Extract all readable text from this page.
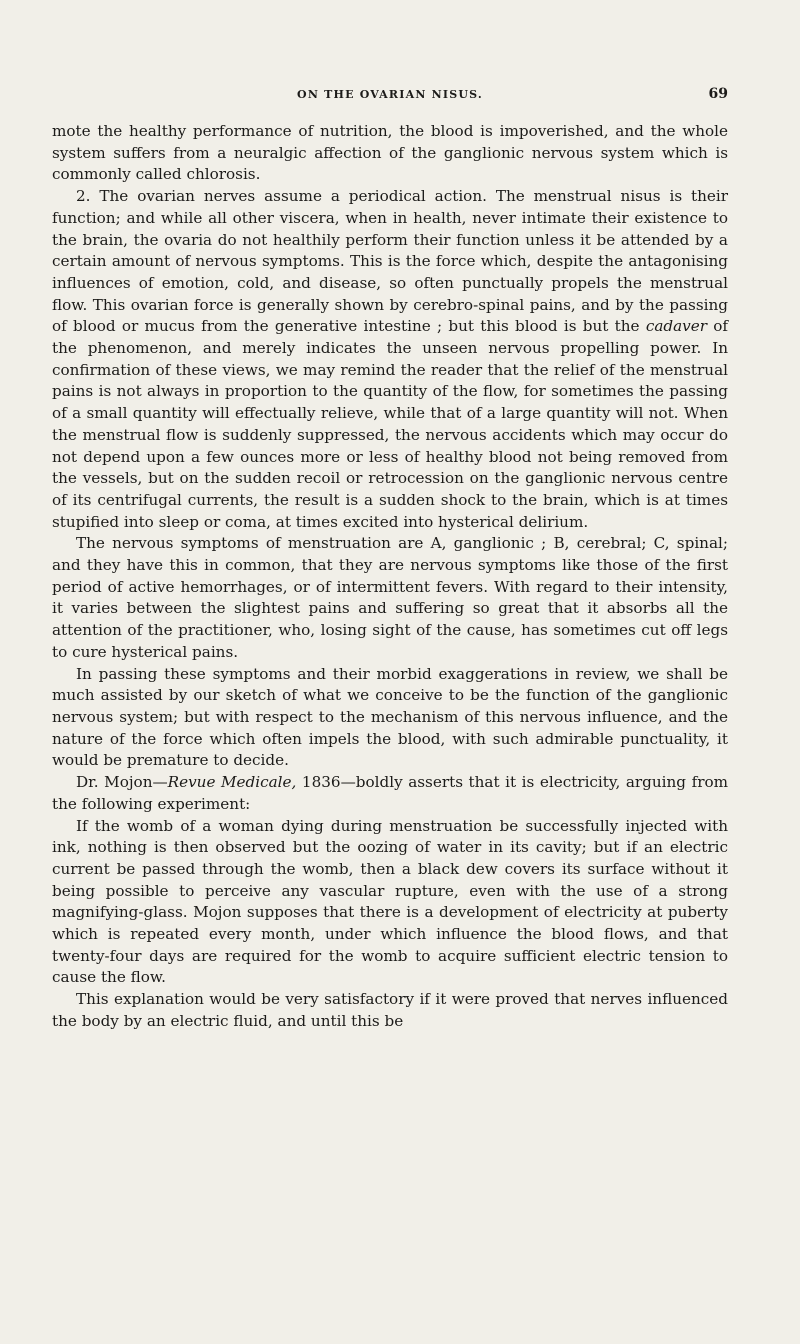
ON THE OVARIAN NISUS.	69

mote the healthy performance of nutrition, the blood is impoverished, and the whole system suffers from a neuralgic affection of the ganglionic nervous system which is commonly called chlorosis.

2. The ovarian nerves assume a periodical action. The menstrual nisus is their function; and while all other viscera, when in health, never intimate their existence to the brain, the ovaria do not healthily perform their function unless it be attended by a certain amount of nervous symptoms. This is the force which, despite the antagonising influences of emotion, cold, and disease, so often punctually propels the menstrual flow. This ovarian force is generally shown by cerebro-spinal pains, and by the passing of blood or mucus from the generative intestine ; but this blood is but the cadaver of the phenomenon, and merely indicates the unseen nervous propelling power. In confirmation of these views, we may remind the reader that the relief of the menstrual pains is not always in proportion to the quantity of the flow, for sometimes the passing of a small quantity will effectually relieve, while that of a large quantity will not. When the menstrual flow is suddenly suppressed, the nervous accidents which may occur do not depend upon a few ounces more or less of healthy blood not being removed from the vessels, but on the sudden recoil or retrocession on the ganglionic nervous centre of its centrifugal currents, the result is a sudden shock to the brain, which is at times stupified into sleep or coma, at times excited into hysterical delirium.

The nervous symptoms of menstruation are A, ganglionic ; B, cerebral; C, spinal; and they have this in common, that they are nervous symptoms like those of the first period of active hemorrhages, or of intermittent fevers. With regard to their intensity, it varies between the slightest pains and suffering so great that it absorbs all the attention of the practitioner, who, losing sight of the cause, has sometimes cut off legs to cure hysterical pains.

In passing these symptoms and their morbid exaggerations in review, we shall be much assisted by our sketch of what we conceive to be the function of the ganglionic nervous system; but with respect to the mechanism of this nervous influence, and the nature of the force which often impels the blood, with such admirable punctuality, it would be premature to decide.

Dr. Mojon—Revue Medicale, 1836—boldly asserts that it is electricity, arguing from the following experiment:

If the womb of a woman dying during menstruation be successfully injected with ink, nothing is then observed but the oozing of water in its cavity; but if an electric current be passed through the womb, then a black dew covers its surface without it being possible to perceive any vascular rupture, even with the use of a strong magnifying-glass. Mojon supposes that there is a development of electricity at puberty which is repeated every month, under which influence the blood flows, and that twenty-four days are required for the womb to acquire sufficient electric tension to cause the flow.

This explanation would be very satisfactory if it were proved that nerves influenced the body by an electric fluid, and until this be
